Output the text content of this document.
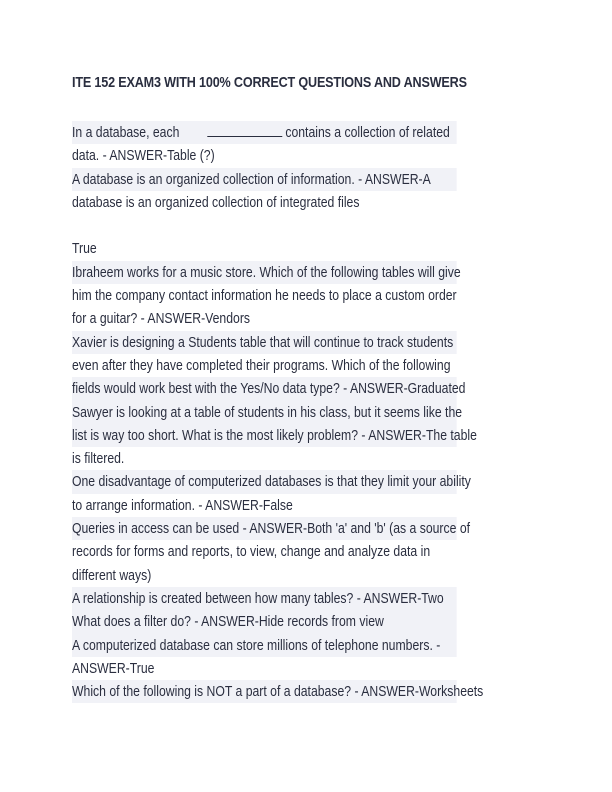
ITE 152 EXAM3 WITH 100% CORRECT QUESTIONS AND ANSWERS
In a database, each	contains a collection of related
data. - ANSWER-Table (?)
A database is an organized collection of information. - ANSWER-A
database is an organized collection of integrated files
True
Ibraheem works for a music store. Which of the following tables will give
him the company contact information he needs to place a custom order
for a guitar? - ANSWER-Vendors
Xavier is designing a Students table that will continue to track students
even after they have completed their programs. Which of the following
fields would work best with the Yes/No data type? - ANSWER-Graduated
Sawyer is looking at a table of students in his class, but it seems like the
list is way too short. What is the most likely problem? - ANSWER-The table
is filtered.
One disadvantage of computerized databases is that they limit your ability
to arrange information. - ANSWER-False
Queries in access can be used - ANSWER-Both 'a' and 'b' (as a source of
records for forms and reports, to view, change and analyze data in
different ways)
A relationship is created between how many tables? - ANSWER-Two
What does a filter do? - ANSWER-Hide records from view
A computerized database can store millions of telephone numbers. -
ANSWER-True
Which of the following is NOT a part of a database? - ANSWER-Worksheets
